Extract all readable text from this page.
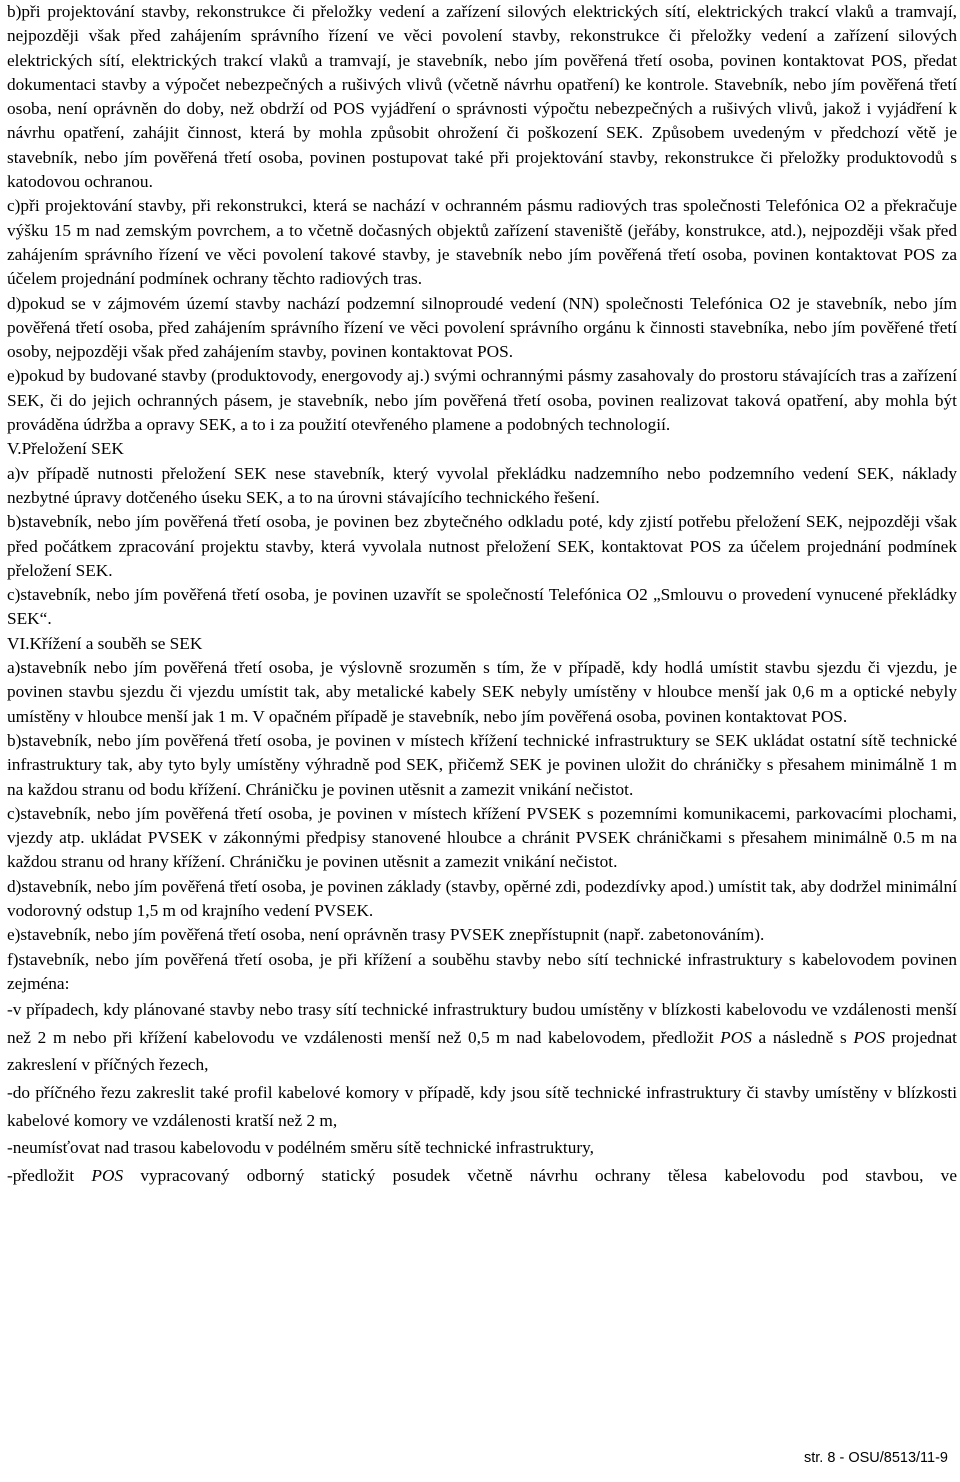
b)při projektování stavby, rekonstrukce či přeložky vedení a zařízení silových elektrických sítí, elektrických trakcí vlaků a tramvají, nejpozději však před zahájením správního řízení ve věci povolení stavby, rekonstrukce či přeložky vedení a zařízení silových elektrických sítí, elektrických trakcí vlaků a tramvají, je stavebník, nebo jím pověřená třetí osoba, povinen kontaktovat POS, předat dokumentaci stavby a výpočet nebezpečných a rušivých vlivů (včetně návrhu opatření) ke kontrole. Stavebník, nebo jím pověřená třetí osoba, není oprávněn do doby, než obdrží od POS vyjádření o správnosti výpočtu nebezpečných a rušivých vlivů, jakož i vyjádření k návrhu opatření, zahájit činnost, která by mohla způsobit ohrožení či poškození SEK. Způsobem uvedeným v předchozí větě je stavebník, nebo jím pověřená třetí osoba, povinen postupovat také při projektování stavby, rekonstrukce či přeložky produktovodů s katodovou ochranou.

c)při projektování stavby, při rekonstrukci, která se nachází v ochranném pásmu radiových tras společnosti Telefónica O2 a překračuje výšku 15 m nad zemským povrchem, a to včetně dočasných objektů zařízení staveniště (jeřáby, konstrukce, atd.), nejpozději však před zahájením správního řízení ve věci povolení takové stavby, je stavebník nebo jím pověřená třetí osoba, povinen kontaktovat POS za účelem projednání podmínek ochrany těchto radiových tras.

d)pokud se v zájmovém území stavby nachází podzemní silnoproudé vedení (NN) společnosti Telefónica O2 je stavebník, nebo jím pověřená třetí osoba, před zahájením správního řízení ve věci povolení správního orgánu k činnosti stavebníka, nebo jím pověřené třetí osoby, nejpozději však před zahájením stavby, povinen kontaktovat POS.

e)pokud by budované stavby (produktovody, energovody aj.) svými ochrannými pásmy zasahovaly do prostoru stávajících tras a zařízení SEK, či do jejich ochranných pásem, je stavebník, nebo jím pověřená třetí osoba, povinen realizovat taková opatření, aby mohla být prováděna údržba a opravy SEK, a to i za použití otevřeného plamene a podobných technologií.

V.Přeložení SEK

a)v případě nutnosti přeložení SEK nese stavebník, který vyvolal překládku nadzemního nebo podzemního vedení SEK, náklady nezbytné úpravy dotčeného úseku SEK, a to na úrovni stávajícího technického řešení.

b)stavebník, nebo jím pověřená třetí osoba, je povinen bez zbytečného odkladu poté, kdy zjistí potřebu přeložení SEK, nejpozději však před počátkem zpracování projektu stavby, která vyvolala nutnost přeložení SEK, kontaktovat POS za účelem projednání podmínek přeložení SEK.

c)stavebník, nebo jím pověřená třetí osoba, je povinen uzavřít se společností Telefónica O2 „Smlouvu o provedení vynucené překládky SEK“.

VI.Křížení a souběh se SEK

a)stavebník nebo jím pověřená třetí osoba, je výslovně srozuměn s tím, že v případě, kdy hodlá umístit stavbu sjezdu či vjezdu, je povinen stavbu sjezdu či vjezdu umístit tak, aby metalické kabely SEK nebyly umístěny v hloubce menší jak 0,6 m a optické nebyly umístěny v hloubce menší jak 1 m. V opačném případě je stavebník, nebo jím pověřená osoba, povinen kontaktovat POS.

b)stavebník, nebo jím pověřená třetí osoba, je povinen v místech křížení technické infrastruktury se SEK ukládat ostatní sítě technické infrastruktury tak, aby tyto byly umístěny výhradně pod SEK, přičemž SEK je povinen uložit do chráničky s přesahem minimálně 1 m na každou stranu od bodu křížení. Chráničku je povinen utěsnit a zamezit vnikání nečistot.

c)stavebník, nebo jím pověřená třetí osoba, je povinen v místech křížení PVSEK s pozemními komunikacemi, parkovacími plochami, vjezdy atp. ukládat PVSEK v zákonnými předpisy stanovené hloubce a chránit PVSEK chráničkami s přesahem minimálně 0.5 m na každou stranu od hrany křížení. Chráničku je povinen utěsnit a zamezit vnikání nečistot.

d)stavebník, nebo jím pověřená třetí osoba, je povinen základy (stavby, opěrné zdi, podezdívky apod.) umístit tak, aby dodržel minimální vodorovný odstup 1,5 m od krajního vedení PVSEK.

e)stavebník, nebo jím pověřená třetí osoba, není oprávněn trasy PVSEK znepřístupnit (např. zabetonováním).

f)stavebník, nebo jím pověřená třetí osoba, je při křížení a souběhu stavby nebo sítí technické infrastruktury s kabelovodem povinen zejména:

-v případech, kdy plánované stavby nebo trasy sítí technické infrastruktury budou umístěny v blízkosti kabelovodu ve vzdálenosti menší než 2 m nebo při křížení kabelovodu ve vzdálenosti menší než 0,5 m nad kabelovodem, předložit POS a následně s POS projednat zakreslení v příčných řezech,

-do příčného řezu zakreslit také profil kabelové komory v případě, kdy jsou sítě technické infrastruktury či stavby umístěny v blízkosti kabelové komory ve vzdálenosti kratší než 2 m,

-neumísťovat nad trasou kabelovodu v podélném směru sítě technické infrastruktury,

-předložit POS vypracovaný odborný statický posudek včetně návrhu ochrany tělesa kabelovodu pod stavbou, ve

str. 8 - OSU/8513/11-9
